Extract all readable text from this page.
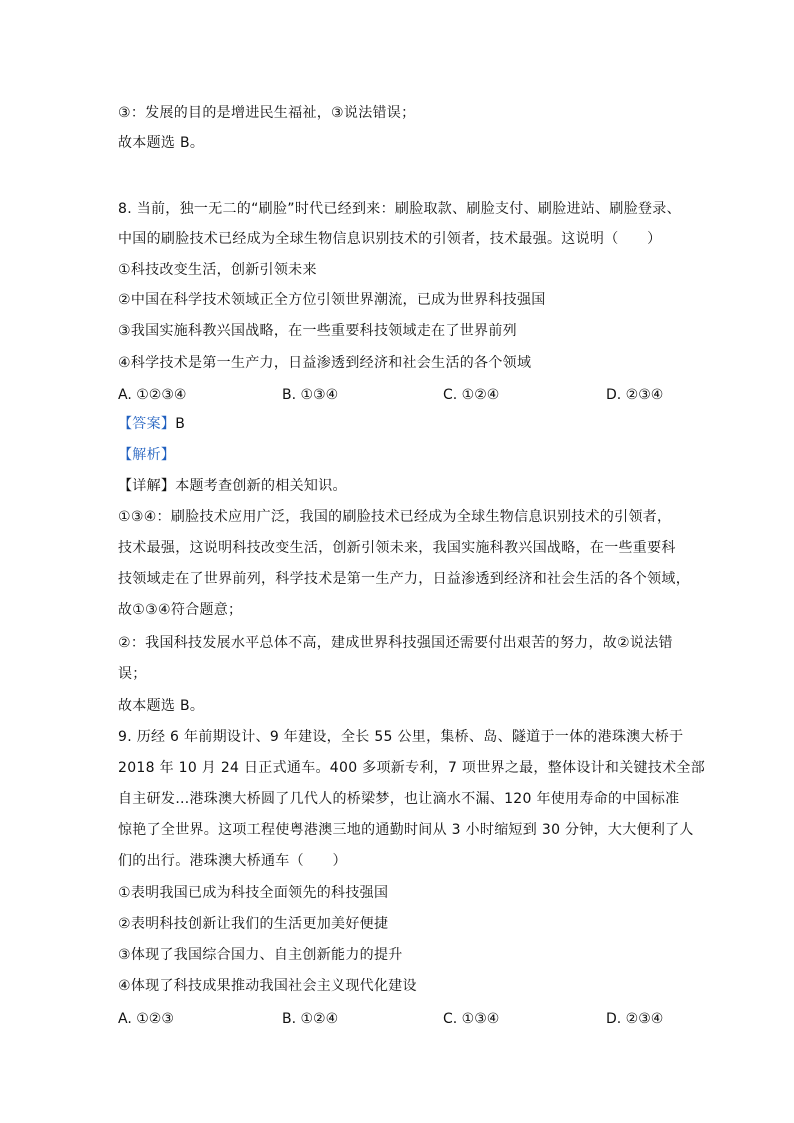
③：发展的目的是增进民生福祉，③说法错误；
故本题选 B。
8. 当前，独一无二的“刷脸”时代已经到来：刷脸取款、刷脸支付、刷脸进站、刷脸登录、
中国的刷脸技术已经成为全球生物信息识别技术的引领者，技术最强。这说明（　　）
①科技改变生活，创新引领未来
②中国在科学技术领域正全方位引领世界潮流，已成为世界科技强国
③我国实施科教兴国战略，在一些重要科技领域走在了世界前列
④科学技术是第一生产力，日益渗透到经济和社会生活的各个领域
A. ①②③④	B. ①③④	C. ①②④	D. ②③④
【答案】B
【解析】
【详解】本题考查创新的相关知识。
①③④：刷脸技术应用广泛，我国的刷脸技术已经成为全球生物信息识别技术的引领者，
技术最强，这说明科技改变生活，创新引领未来，我国实施科教兴国战略，在一些重要科
技领域走在了世界前列，科学技术是第一生产力，日益渗透到经济和社会生活的各个领域，
故①③④符合题意；
②：我国科技发展水平总体不高，建成世界科技强国还需要付出艰苦的努力，故②说法错
误；
故本题选 B。
9. 历经 6 年前期设计、9 年建设，全长 55 公里，集桥、岛、隧道于一体的港珠澳大桥于
2018 年 10 月 24 日正式通车。400 多项新专利，7 项世界之最，整体设计和关键技术全部
自主研发…港珠澳大桥圆了几代人的桥梁梦，也让滴水不漏、120 年使用寿命的中国标准
惊艳了全世界。这项工程使粤港澳三地的通勤时间从 3 小时缩短到 30 分钟，大大便利了人
们的出行。港珠澳大桥通车（　　）
①表明我国已成为科技全面领先的科技强国
②表明科技创新让我们的生活更加美好便捷
③体现了我国综合国力、自主创新能力的提升
④体现了科技成果推动我国社会主义现代化建设
A. ①②③	B. ①②④	C. ①③④	D. ②③④
